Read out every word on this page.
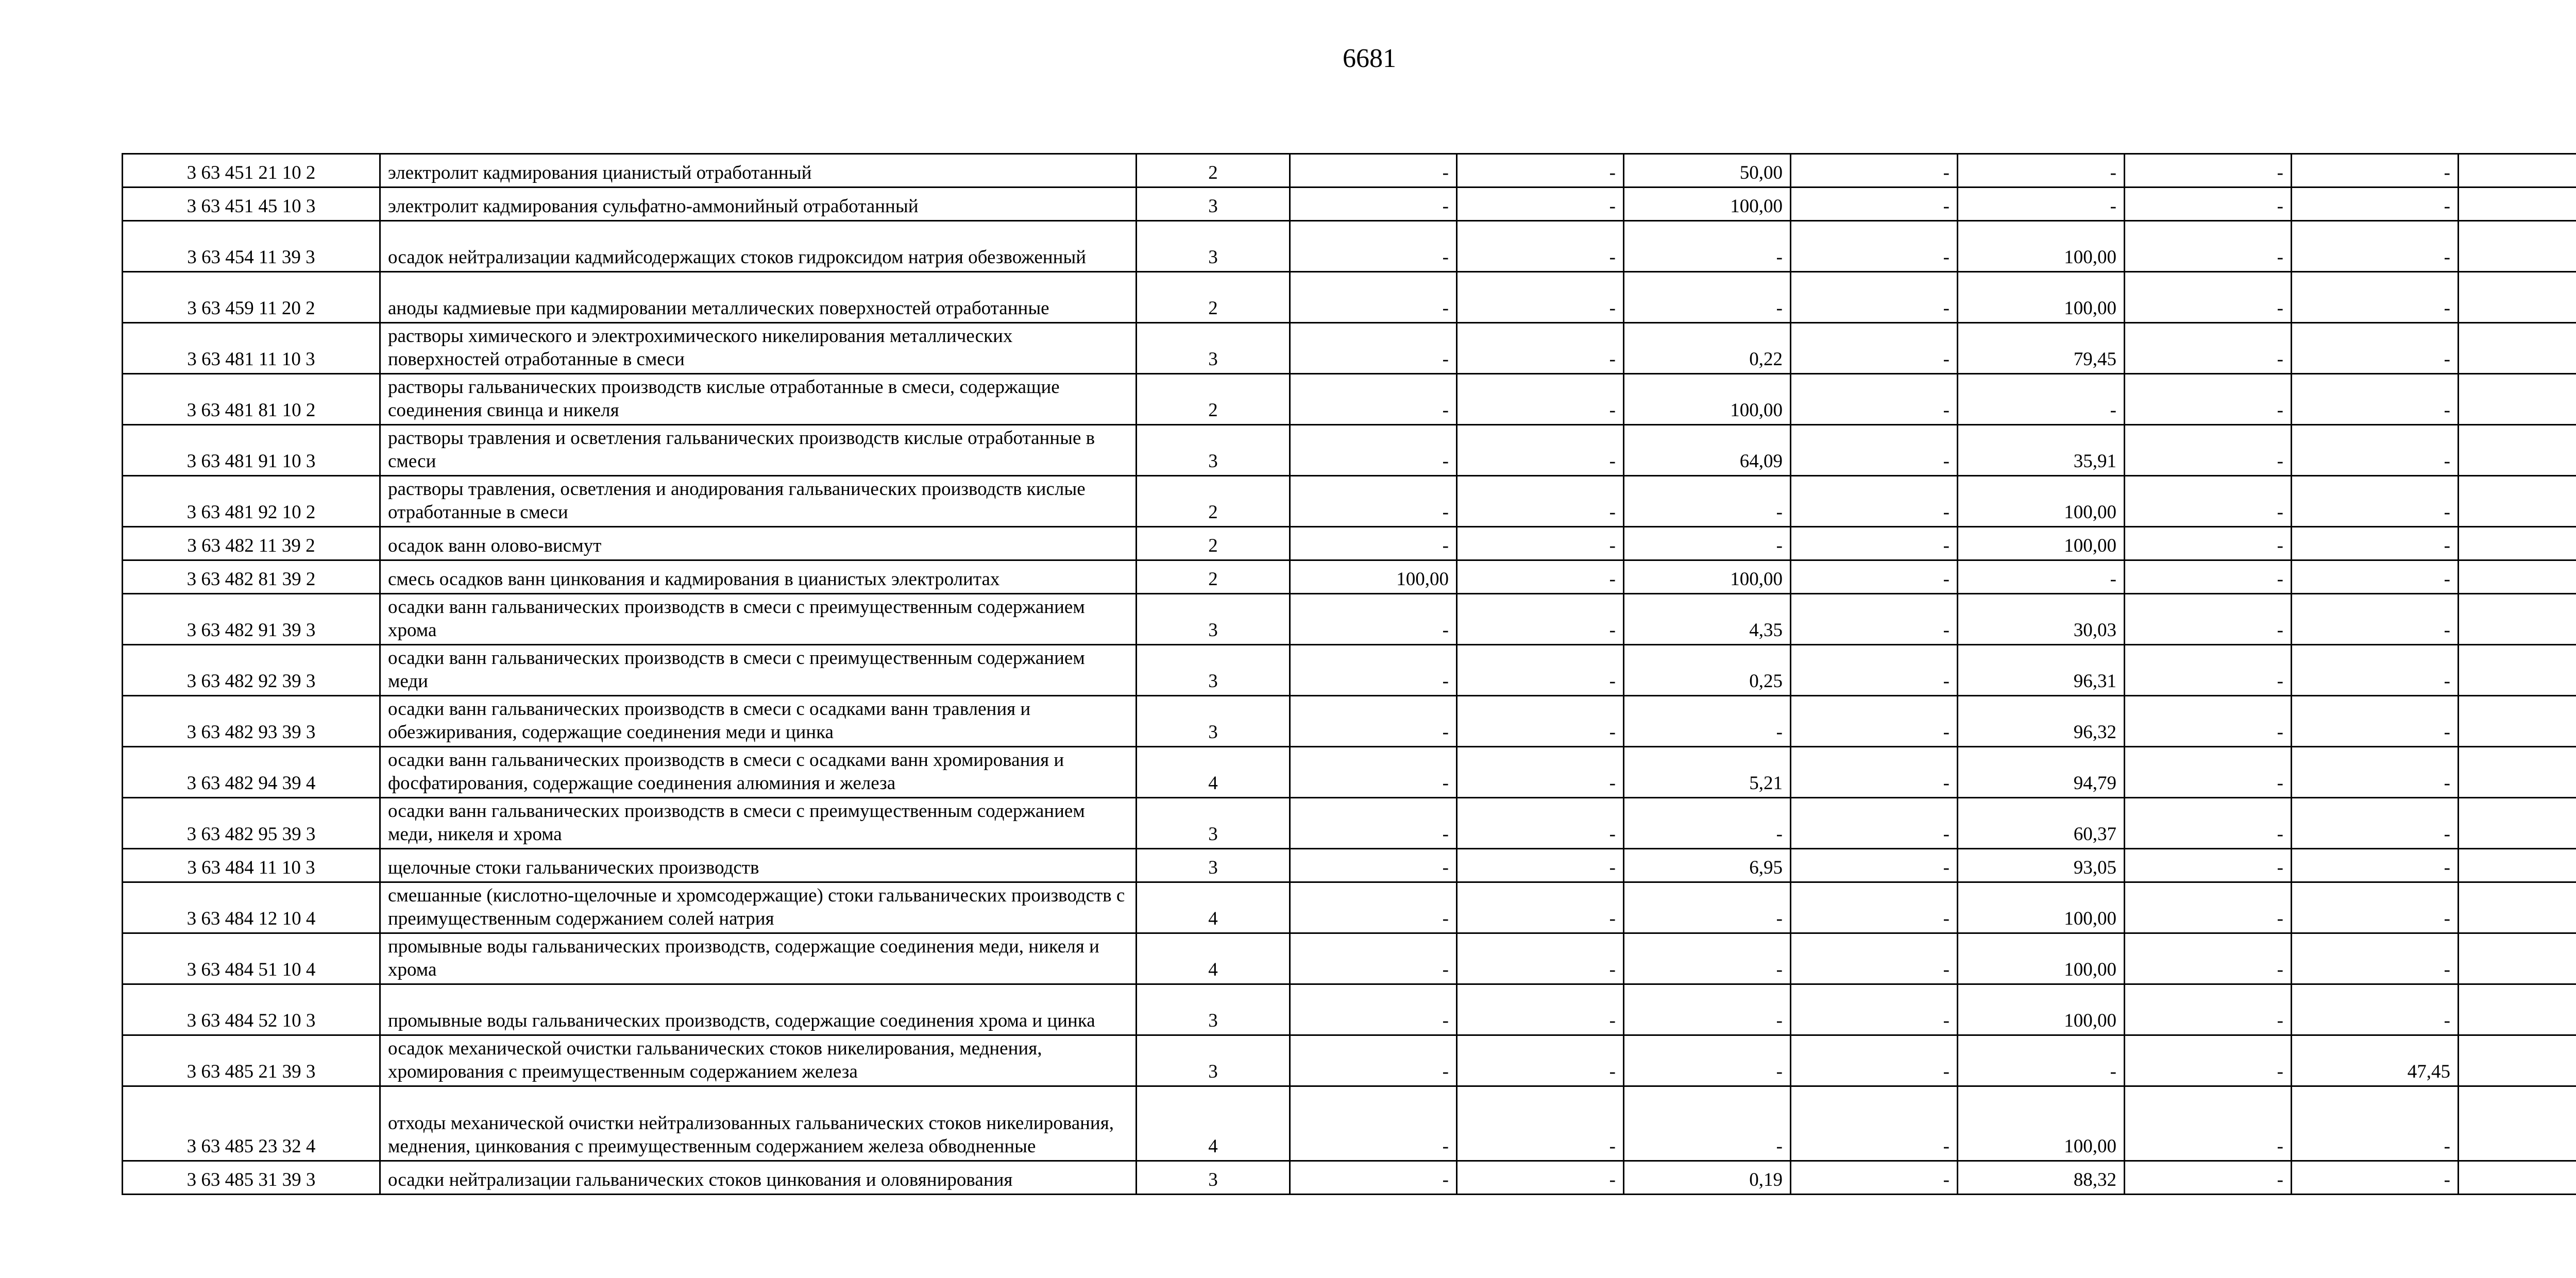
6681
3 63 451 21 10 2	электролит кадмирования цианистый отработанный	2	-	-	50,00	-	-	-	-	
3 63 451 45 10 3	электролит кадмирования сульфатно-аммонийный отработанный	3	-	-	100,00	-	-	-	-	
3 63 454 11 39 3	осадок нейтрализации кадмийсодержащих стоков гидроксидом натрия обезвоженный	3	-	-	-	-	100,00	-	-	
3 63 459 11 20 2	аноды кадмиевые при кадмировании металлических поверхностей отработанные	2	-	-	-	-	100,00	-	-	
3 63 481 11 10 3	растворы химического и электрохимического никелирования металлических поверхностей отработанные в смеси	3	-	-	0,22	-	79,45	-	-	
3 63 481 81 10 2	растворы гальванических производств кислые отработанные в смеси, содержащие соединения свинца и никеля	2	-	-	100,00	-	-	-	-	
3 63 481 91 10 3	растворы травления и осветления гальванических производств кислые отработанные в смеси	3	-	-	64,09	-	35,91	-	-	
3 63 481 92 10 2	растворы травления, осветления и анодирования гальванических производств кислые отработанные в смеси	2	-	-	-	-	100,00	-	-	
3 63 482 11 39 2	осадок ванн олово-висмут	2	-	-	-	-	100,00	-	-	
3 63 482 81 39 2	смесь осадков ванн цинкования и кадмирования в цианистых электролитах	2	100,00	-	100,00	-	-	-	-	
3 63 482 91 39 3	осадки ванн гальванических производств в смеси с преимущественным содержанием хрома	3	-	-	4,35	-	30,03	-	-	
3 63 482 92 39 3	осадки ванн гальванических производств в смеси с преимущественным содержанием меди	3	-	-	0,25	-	96,31	-	-	
3 63 482 93 39 3	осадки ванн гальванических производств в смеси с осадками ванн травления и обезжиривания, содержащие соединения меди и цинка	3	-	-	-	-	96,32	-	-	
3 63 482 94 39 4	осадки ванн гальванических производств в смеси с осадками ванн хромирования и фосфатирования, содержащие соединения алюминия и железа	4	-	-	5,21	-	94,79	-	-	
3 63 482 95 39 3	осадки ванн гальванических производств в смеси с преимущественным содержанием меди, никеля и хрома	3	-	-	-	-	60,37	-	-	
3 63 484 11 10 3	щелочные стоки гальванических производств	3	-	-	6,95	-	93,05	-	-	
3 63 484 12 10 4	смешанные (кислотно-щелочные и хромсодержащие) стоки гальванических производств с преимущественным содержанием солей натрия	4	-	-	-	-	100,00	-	-	
3 63 484 51 10 4	промывные воды гальванических производств, содержащие соединения меди, никеля и хрома	4	-	-	-	-	100,00	-	-	
3 63 484 52 10 3	промывные воды гальванических производств, содержащие соединения хрома и цинка	3	-	-	-	-	100,00	-	-	
3 63 485 21 39 3	осадок механической очистки гальванических стоков никелирования, меднения, хромирования с преимущественным содержанием железа	3	-	-	-	-	-	-	47,45	
3 63 485 23 32 4	отходы механической очистки нейтрализованных гальванических стоков никелирования, меднения, цинкования с преимущественным содержанием железа обводненные	4	-	-	-	-	100,00	-	-	
3 63 485 31 39 3	осадки нейтрализации гальванических стоков цинкования и оловянирования	3	-	-	0,19	-	88,32	-	-	
